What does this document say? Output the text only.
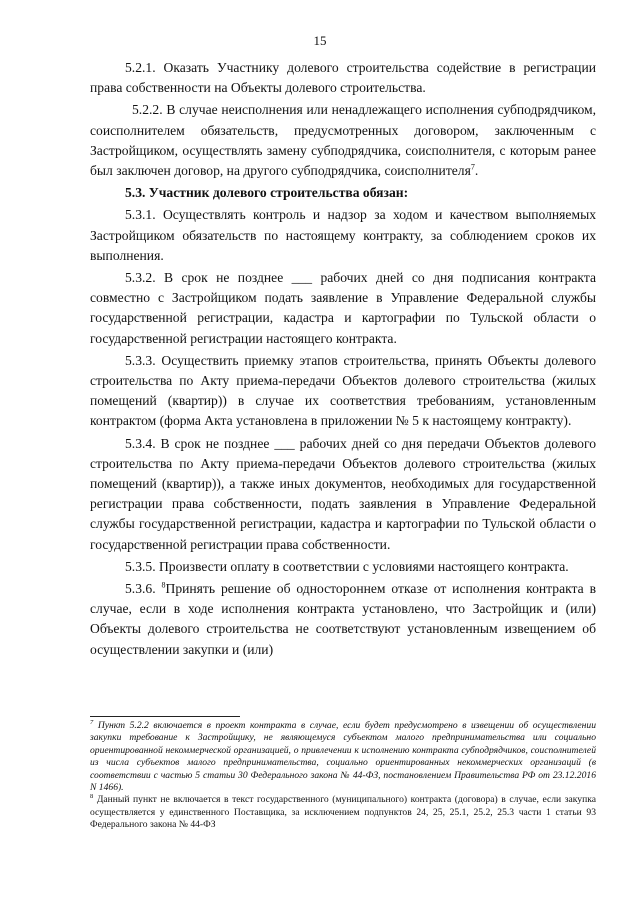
15

5.2.1. Оказать Участнику долевого строительства содействие в регистрации права собственности на Объекты долевого строительства.

5.2.2. В случае неисполнения или ненадлежащего исполнения субподрядчиком, соисполнителем обязательств, предусмотренных договором, заключенным с Застройщиком, осуществлять замену субподрядчика, соисполнителя, с которым ранее был заключен договор, на другого субподрядчика, соисполнителя$^7$.

5.3. Участник долевого строительства обязан:

5.3.1. Осуществлять контроль и надзор за ходом и качеством выполняемых Застройщиком обязательств по настоящему контракту, за соблюдением сроков их выполнения.

5.3.2. В срок не позднее ___ рабочих дней со дня подписания контракта совместно с Застройщиком подать заявление в Управление Федеральной службы государственной регистрации, кадастра и картографии по Тульской области о государственной регистрации настоящего контракта.

5.3.3. Осуществить приемку этапов строительства, принять Объекты долевого строительства по Акту приема-передачи Объектов долевого строительства (жилых помещений (квартир)) в случае их соответствия требованиям, установленным контрактом (форма Акта установлена в приложении № 5 к настоящему контракту).

5.3.4. В срок не позднее ___ рабочих дней со дня передачи Объектов долевого строительства по Акту приема-передачи Объектов долевого строительства (жилых помещений (квартир)), а также иных документов, необходимых для государственной регистрации права собственности, подать заявления в Управление Федеральной службы государственной регистрации, кадастра и картографии по Тульской области о государственной регистрации права собственности.

5.3.5. Произвести оплату в соответствии с условиями настоящего контракта.

5.3.6. $^8$Принять решение об одностороннем отказе от исполнения контракта в случае, если в ходе исполнения контракта установлено, что Застройщик и (или) Объекты долевого строительства не соответствуют установленным извещением об осуществлении закупки и (или)

$^7$ Пункт 5.2.2 включается в проект контракта в случае, если будет предусмотрено в извещении об осуществлении закупки требование к Застройщику, не являющемуся субъектом малого предпринимательства или социально ориентированной некоммерческой организацией, о привлечении к исполнению контракта субподрядчиков, соисполнителей из числа субъектов малого предпринимательства, социально ориентированных некоммерческих организаций (в соответствии с частью 5 статьи 30 Федерального закона № 44-ФЗ, постановлением Правительства РФ от 23.12.2016 N 1466).

$^8$ Данный пункт не включается в текст государственного (муниципального) контракта (договора) в случае, если закупка осуществляется у единственного Поставщика, за исключением подпунктов 24, 25, 25.1, 25.2, 25.3 части 1 статьи 93 Федерального закона № 44-ФЗ
